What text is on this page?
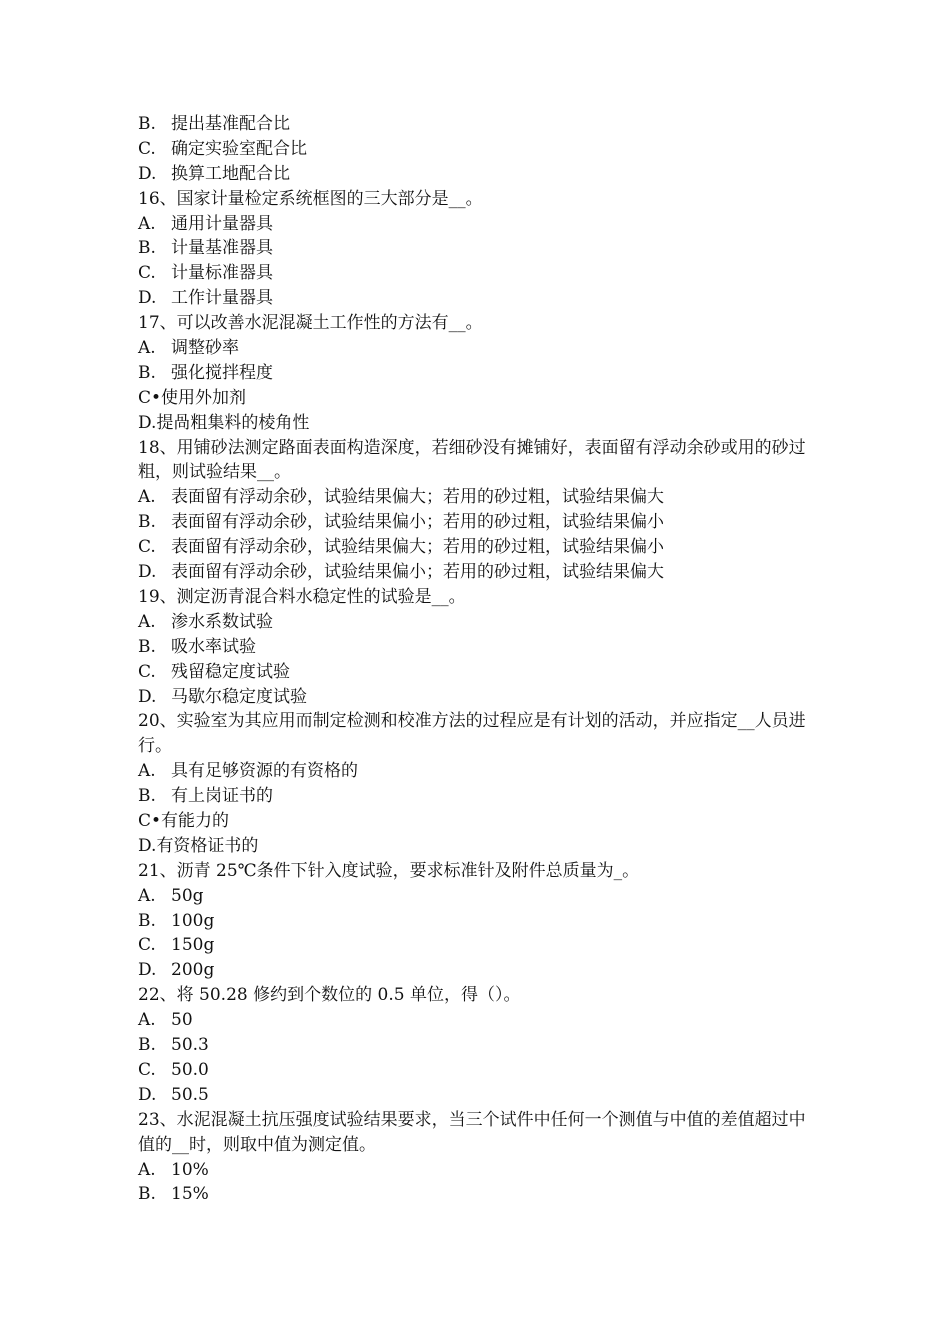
B. 提出基准配合比
C. 确定实验室配合比
D. 换算工地配合比
16、国家计量检定系统框图的三大部分是__。
A. 通用计量器具
B. 计量基准器具
C. 计量标准器具
D. 工作计量器具
17、可以改善水泥混凝土工作性的方法有__。
A. 调整砂率
B. 强化搅拌程度
C•使用外加剂
D.提咼粗集料的棱角性
18、用铺砂法测定路面表面构造深度，若细砂没有摊铺好，表面留有浮动余砂或用的砂过粗，则试验结果__。
A. 表面留有浮动余砂，试验结果偏大；若用的砂过粗，试验结果偏大
B. 表面留有浮动余砂，试验结果偏小；若用的砂过粗，试验结果偏小
C. 表面留有浮动余砂，试验结果偏大；若用的砂过粗，试验结果偏小
D. 表面留有浮动余砂，试验结果偏小；若用的砂过粗，试验结果偏大
19、测定沥青混合料水稳定性的试验是__。
A. 渗水系数试验
B. 吸水率试验
C. 残留稳定度试验
D. 马歇尔稳定度试验
20、实验室为其应用而制定检测和校准方法的过程应是有计划的活动，并应指定__人员进行。
A. 具有足够资源的有资格的
B. 有上岗证书的
C•有能力的
D.有资格证书的
21、沥青 25℃条件下针入度试验，要求标准针及附件总质量为_。
A. 50g
B. 100g
C. 150g
D. 200g
22、将 50.28 修约到个数位的 0.5 单位，得（）。
A. 50
B. 50.3
C. 50.0
D. 50.5
23、水泥混凝土抗压强度试验结果要求，当三个试件中任何一个测值与中值的差值超过中值的__时，则取中值为测定值。
A. 10%
B. 15%
